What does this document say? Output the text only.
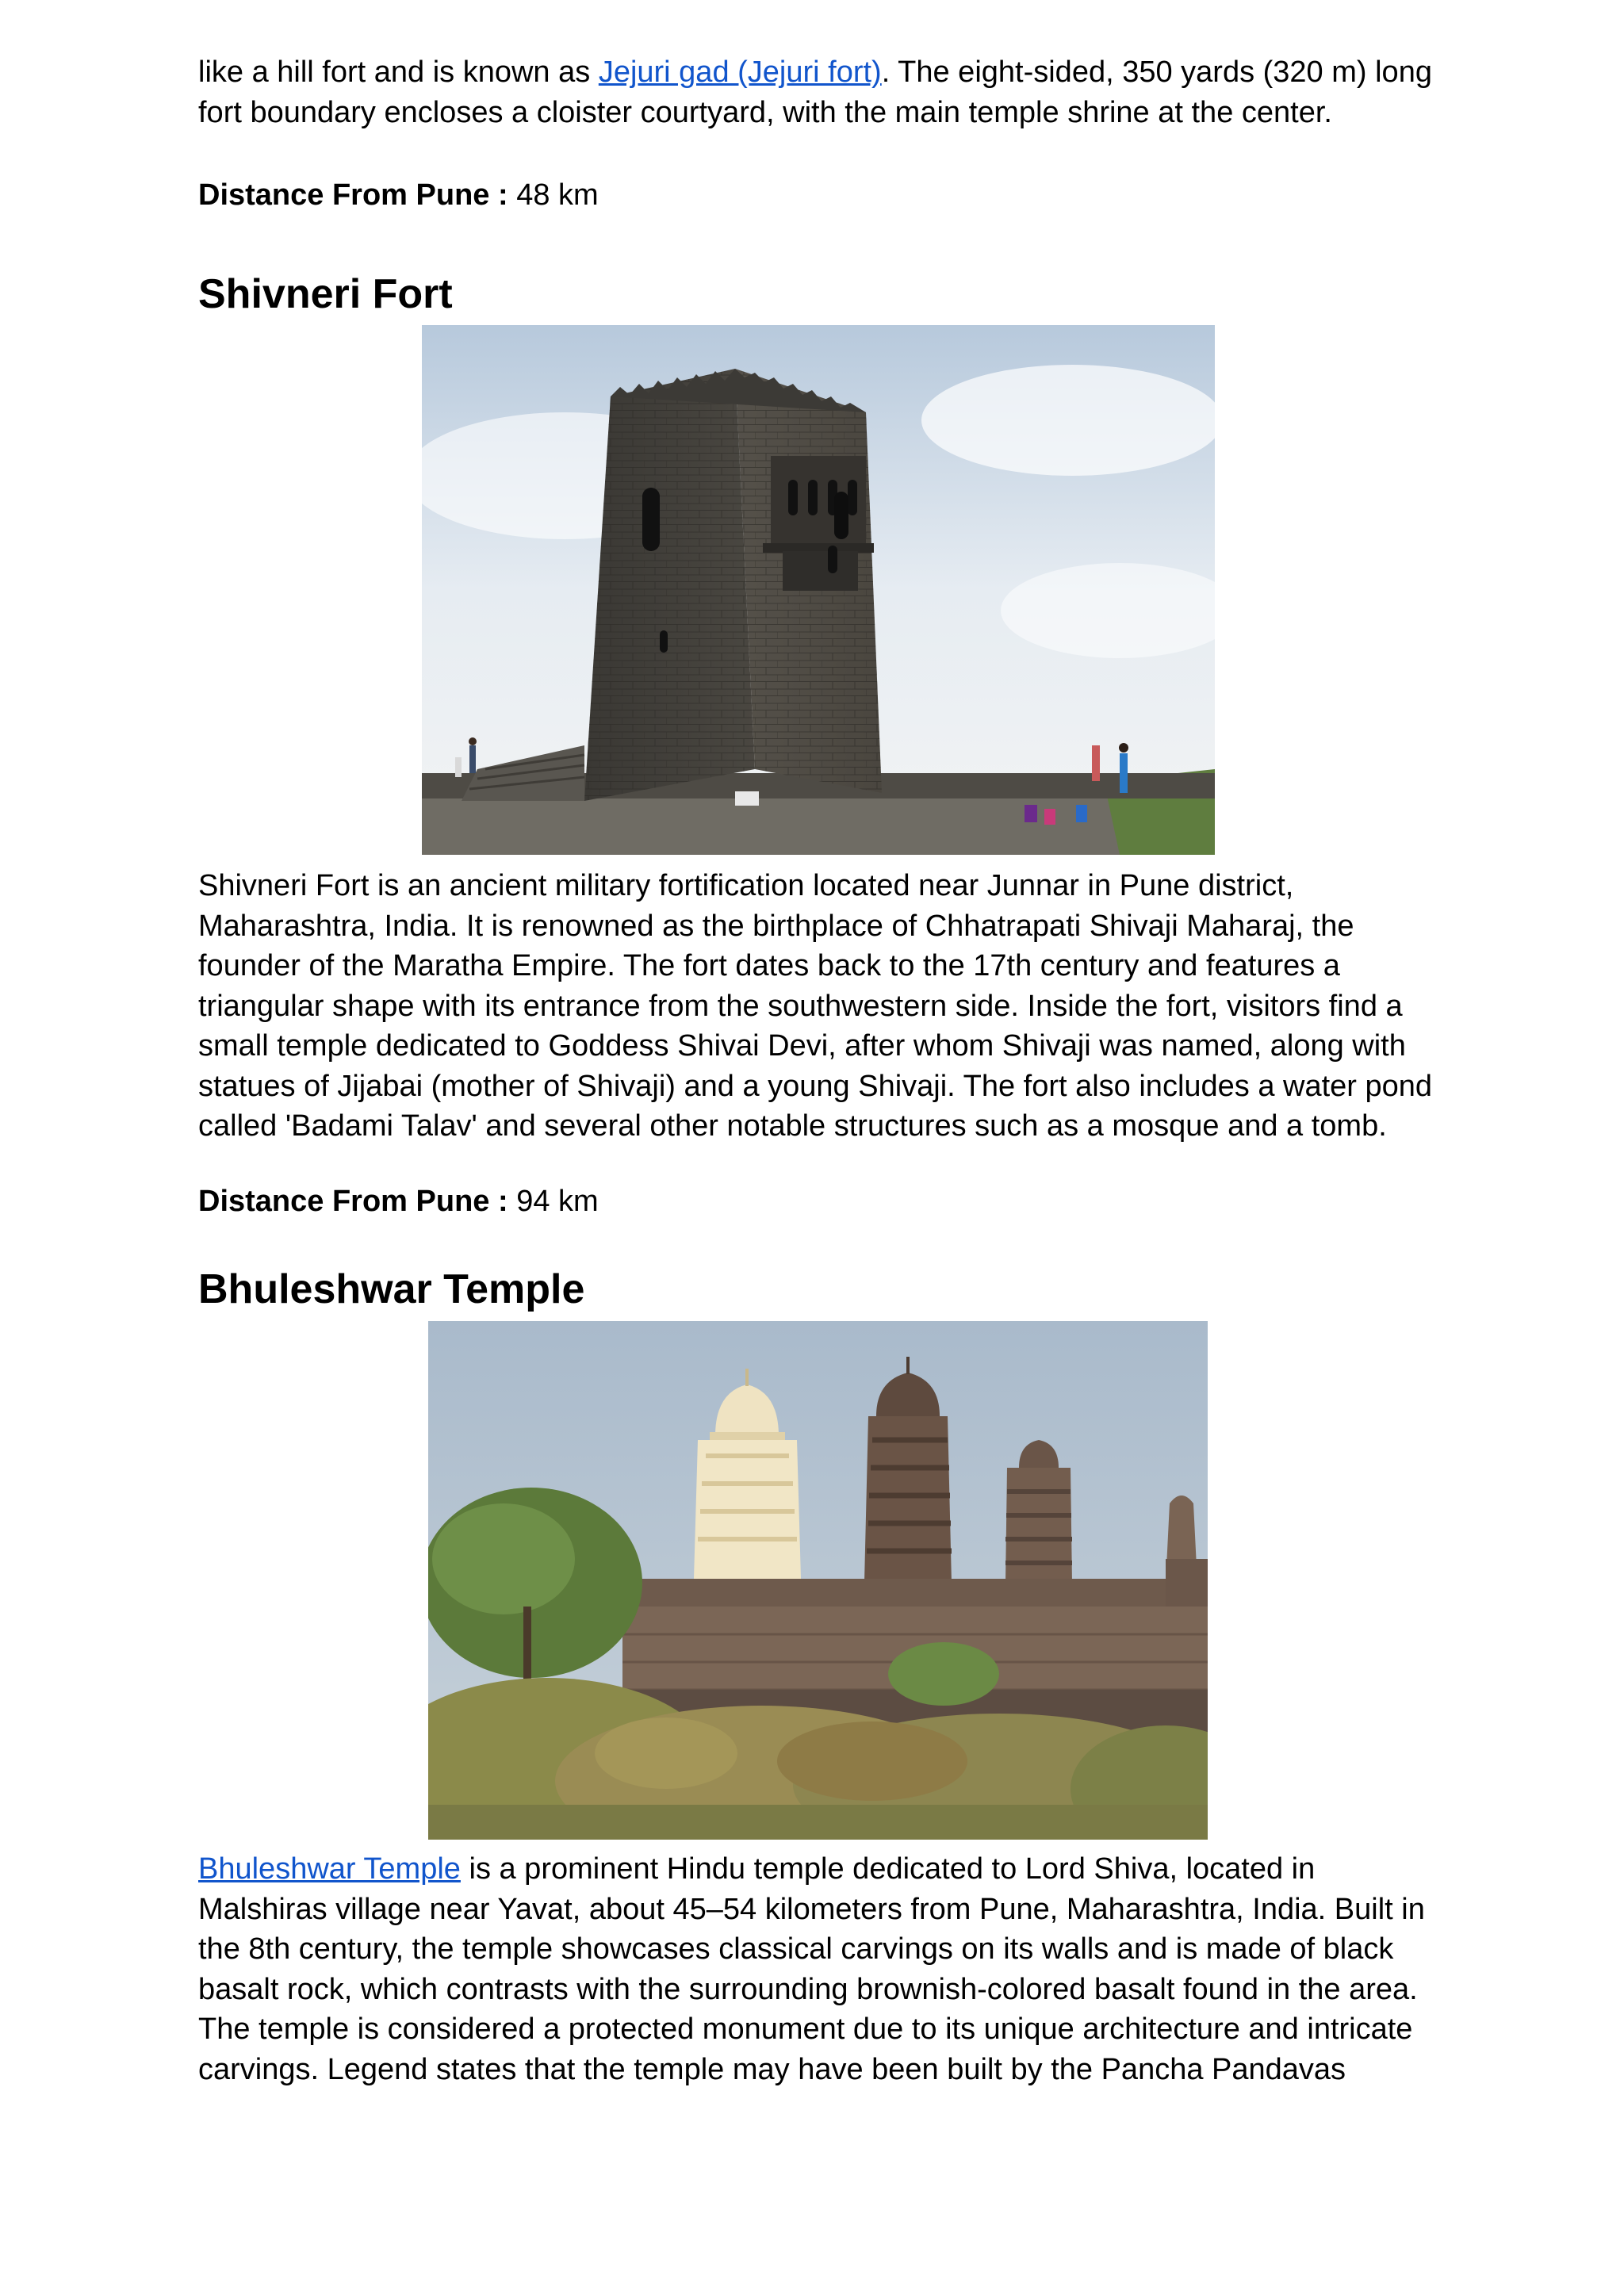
like a hill fort and is known as Jejuri gad (Jejuri fort). The eight-sided, 350 yards (320 m) long fort boundary encloses a cloister courtyard, with the main temple shrine at the center.

Distance From Pune : 48 km

Shivneri Fort

Shivneri Fort is an ancient military fortification located near Junnar in Pune district, Maharashtra, India. It is renowned as the birthplace of Chhatrapati Shivaji Maharaj, the founder of the Maratha Empire. The fort dates back to the 17th century and features a triangular shape with its entrance from the southwestern side. Inside the fort, visitors find a small temple dedicated to Goddess Shivai Devi, after whom Shivaji was named, along with statues of Jijabai (mother of Shivaji) and a young Shivaji. The fort also includes a water pond called 'Badami Talav' and several other notable structures such as a mosque and a tomb.

Distance From Pune : 94 km

Bhuleshwar Temple

Bhuleshwar Temple is a prominent Hindu temple dedicated to Lord Shiva, located in Malshiras village near Yavat, about 45–54 kilometers from Pune, Maharashtra, India. Built in the 8th century, the temple showcases classical carvings on its walls and is made of black basalt rock, which contrasts with the surrounding brownish-colored basalt found in the area. The temple is considered a protected monument due to its unique architecture and intricate carvings. Legend states that the temple may have been built by the Pancha Pandavas
